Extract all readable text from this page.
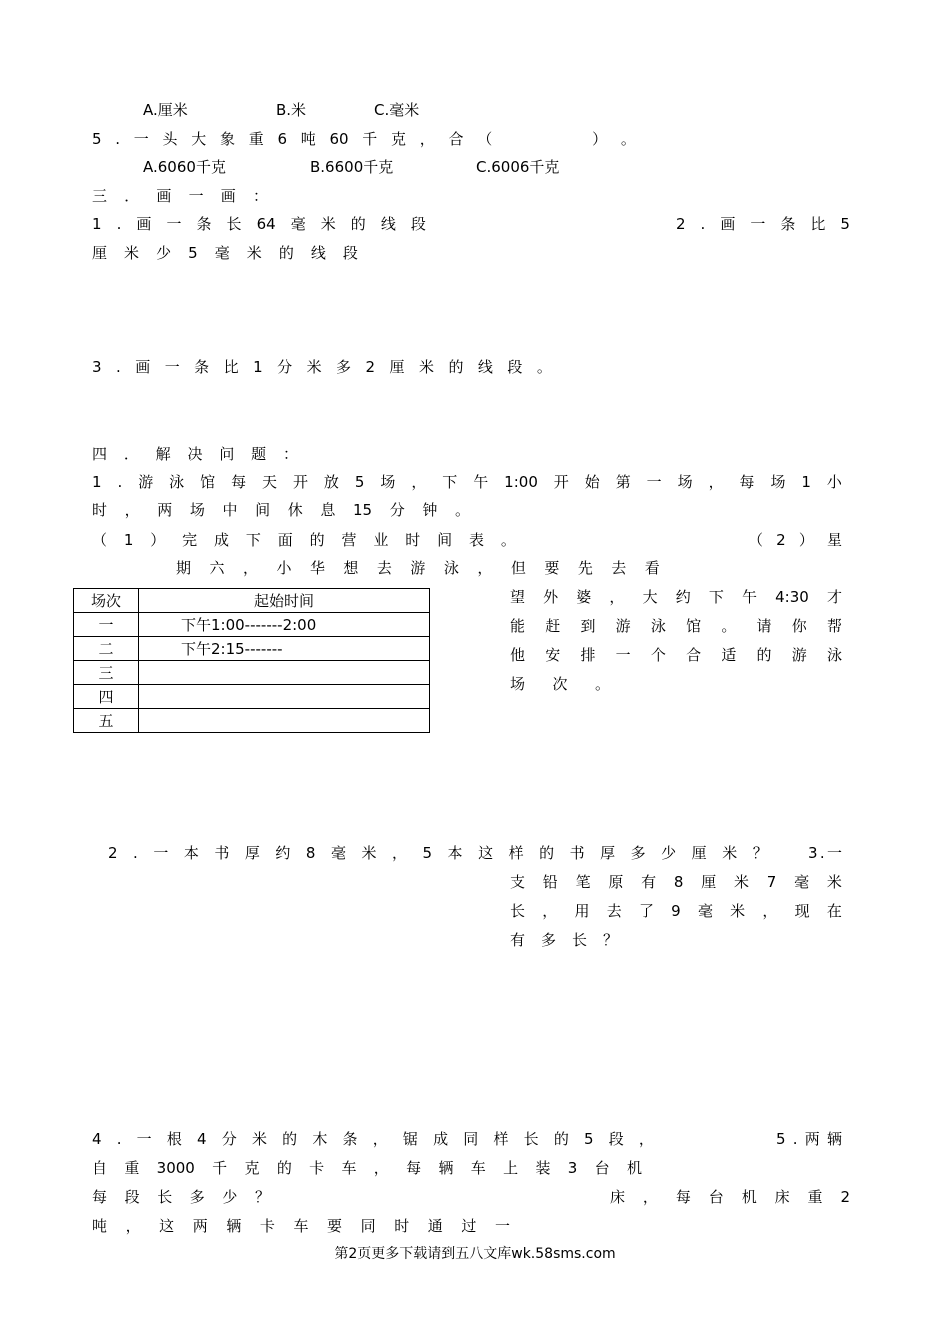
A.厘米	B.米	C.毫米
5 . 一 头 大 象 重 6 吨 60 千 克 ， 合 （

　	） 。
A.6060千克	B.6600千克	C.6006千克
三 ． 画 一 画 ：
1 . 画 一 条 长 64 毫 米 的 线 段	2 . 画 一 条 比 5
厘 米 少 5 毫 米 的 线 段
3 . 画 一 条 比 1 分 米 多 2 厘 米 的 线 段 。
四 ． 解 决 问 题 ：
1 . 游 泳 馆 每 天 开 放 5 场 ， 下 午 1:00 开 始 第 一 场 ， 每 场 1 小
时 ， 两 场 中 间 休 息 15 分 钟 。
（ 1 ） 完 成 下 面 的 营 业 时 间 表 。	（ 2 ） 星
期 六 ， 小 华 想 去 游 泳 ， 但 要 先 去 看
望 外 婆 ， 大 约 下 午 4:30 才
能 赶 到 游 泳 馆 。 请 你 帮
他 安 排 一 个 合 适 的 游 泳
场 次 。
场次	起始时间
一	下午1:00-------2:00
二	下午2:15-------
三	
四	
五	
2 . 一 本 书 厚 约 8 毫 米 ， 5 本 这 样 的 书 厚 多 少 厘 米 ？	3 . 一
支 铅 笔 原 有 8 厘 米 7 毫 米
长 ， 用 去 了 9 毫 米 ， 现 在
有 多 长 ？
4 . 一 根 4 分 米 的 木 条 ， 锯 成 同 样 长 的 5 段 ，	5 . 两 辆
自 重 3000 千 克 的 卡 车 ， 每 辆 车 上 装 3 台 机
每 段 长 多 少 ？	床 ， 每 台 机 床 重 2
吨 ， 这 两 辆 卡 车 要 同 时 通 过 一
第2页更多下载请到五八文库wk.58sms.com
